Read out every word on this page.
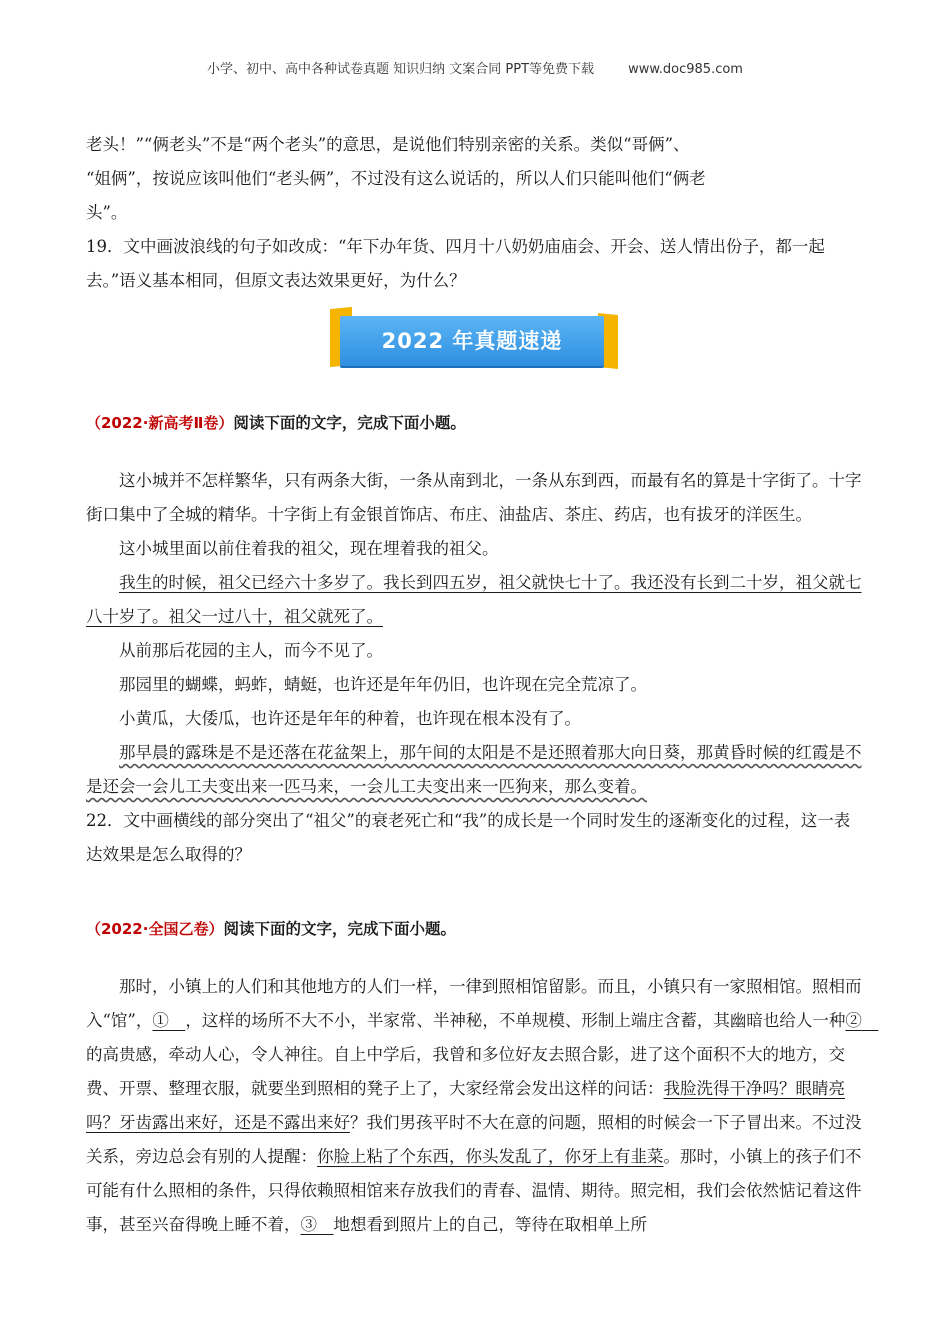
小学、初中、高中各种试卷真题 知识归纳 文案合同 PPT等免费下载	www.doc985.com

老头！”“俩老头”不是“两个老头”的意思，是说他们特别亲密的关系。类似“哥俩”、

“姐俩”，按说应该叫他们“老头俩”，不过没有这么说话的，所以人们只能叫他们“俩老

头”。

19．文中画波浪线的句子如改成：“年下办年货、四月十八奶奶庙庙会、开会、送人情出份子，都一起去。”语义基本相同，但原文表达效果更好，为什么？

2022 年真题速递

（2022·新高考Ⅱ卷）阅读下面的文字，完成下面小题。

这小城并不怎样繁华，只有两条大街，一条从南到北，一条从东到西，而最有名的算是十字街了。十字街口集中了全城的精华。十字街上有金银首饰店、布庄、油盐店、茶庄、药店，也有拔牙的洋医生。

这小城里面以前住着我的祖父，现在埋着我的祖父。

我生的时候，祖父已经六十多岁了。我长到四五岁，祖父就快七十了。我还没有长到二十岁，祖父就七八十岁了。祖父一过八十，祖父就死了。

从前那后花园的主人，而今不见了。

那园里的蝴蝶，蚂蚱，蜻蜓，也许还是年年仍旧，也许现在完全荒凉了。

小黄瓜，大倭瓜，也许还是年年的种着，也许现在根本没有了。

那早晨的露珠是不是还落在花盆架上，那午间的太阳是不是还照着那大向日葵，那黄昏时候的红霞是不是还会一会儿工夫变出来一匹马来，一会儿工夫变出来一匹狗来，那么变着。

22．文中画横线的部分突出了“祖父”的衰老死亡和“我”的成长是一个同时发生的逐渐变化的过程，这一表达效果是怎么取得的？

（2022·全国乙卷）阅读下面的文字，完成下面小题。

那时，小镇上的人们和其他地方的人们一样，一律到照相馆留影。而且，小镇只有一家照相馆。照相而入“馆”，①　，这样的场所不大不小，半家常、半神秘，不单规模、形制上端庄含蓄，其幽暗也给人一种②　的高贵感，牵动人心，令人神往。自上中学后，我曾和多位好友去照合影，进了这个面积不大的地方，交费、开票、整理衣服，就要坐到照相的凳子上了，大家经常会发出这样的问话：我脸洗得干净吗？眼睛亮吗？牙齿露出来好，还是不露出来好？我们男孩平时不大在意的问题，照相的时候会一下子冒出来。不过没关系，旁边总会有别的人提醒：你脸上粘了个东西，你头发乱了，你牙上有韭菜。那时，小镇上的孩子们不可能有什么照相的条件，只得依赖照相馆来存放我们的青春、温情、期待。照完相，我们会依然惦记着这件事，甚至兴奋得晚上睡不着，③　地想看到照片上的自己，等待在取相单上所
